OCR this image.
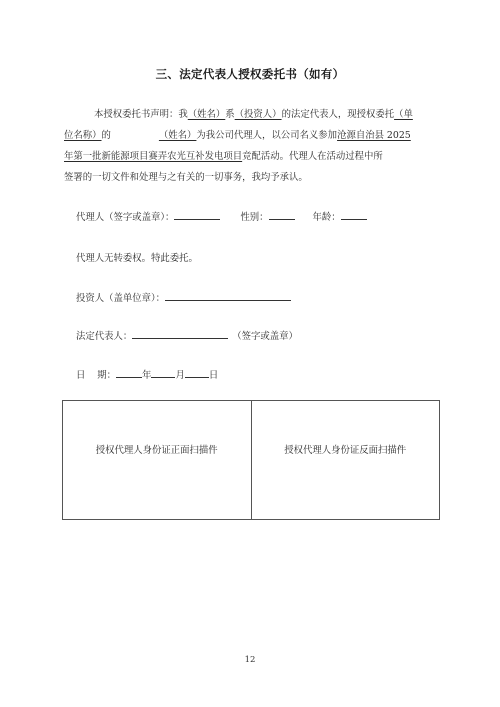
三、法定代表人授权委托书（如有）
本授权委托书声明：我（姓名）系（投资人）的法定代表人，现授权委托（单
位名称）的	（姓名）为我公司代理人，以公司名义参加沧源自治县 2025
年第一批新能源项目赛弄农光互补发电项目竞配活动。代理人在活动过程中所
签署的一切文件和处理与之有关的一切事务，我均予承认。
代理人（签字或盖章）：	性别：	年龄：
代理人无转委权。特此委托。
投资人（盖单位章）：
法定代表人：	（签字或盖章）
日    期：	年	月	日
授权代理人身份证正面扫描件	授权代理人身份证反面扫描件
12
